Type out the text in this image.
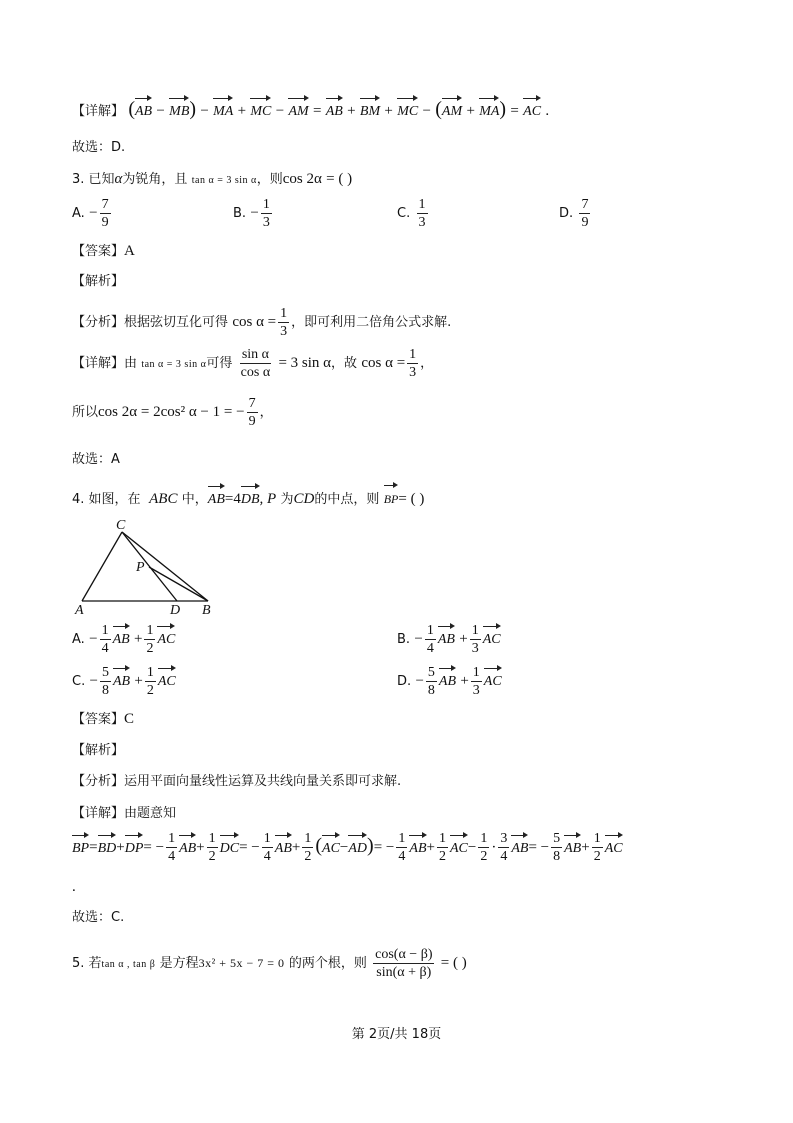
【详解】 (AB − MB) − MA + MC − AM = AB + BM + MC − (AM + MA) = AC .
故选：D.
3. 已知α为锐角，且 tan α = 3 sin α，则cos 2α = ( )
A. − $\frac{7}{9}$	B. − $\frac{1}{3}$	C. $\frac{1}{3}$	D. $\frac{7}{9}$
【答案】A
【解析】
【分析】根据弦切互化可得 $\cos \alpha = \frac{1}{3}$ ，即可利用二倍角公式求解.
【详解】由 tan α = 3 sin α可得 $\frac{\text{sin α}}{\text{cos α}} = 3$ sin α，故 $\cos \alpha = \frac{1}{3}$ ，
所以cos 2α = 2cos² α − 1 = − $\frac{7}{9}$ ，
故选：A
4. 如图，在 ABC 中，AB=4DB, P 为CD的中点，则 BP= ( )
C
P
A	D B
A. − $\frac{1}{4}$ AB + $\frac{1}{2}$ AC	B. − $\frac{1}{4}$ AB + $\frac{1}{3}$ AC
C. − $\frac{5}{8}$ AB + $\frac{1}{2}$ AC	D. − $\frac{5}{8}$ AB + $\frac{1}{3}$ AC
【答案】C
【解析】
【分析】运用平面向量线性运算及共线向量关系即可求解.
【详解】由题意知
$BP=BD+DP= - \frac{1}{4} AB+ \frac{1}{2} DC= - \frac{1}{4} AB+ \frac{1}{2} (AC-AD)= - \frac{1}{4} AB+ \frac{1}{2} AC- \frac{1}{2} \cdot \frac{3}{4} AB= - \frac{5}{8} AB+ \frac{1}{2}$ AC
.
故选：C.
5. 若tan α , tan β 是方程3x² + 5x − 7 = 0 的两个根，则 $\frac{\cos(\alpha - \beta)}{\sin(\alpha + \beta)}$ = ( )
第 2页/共 18页
